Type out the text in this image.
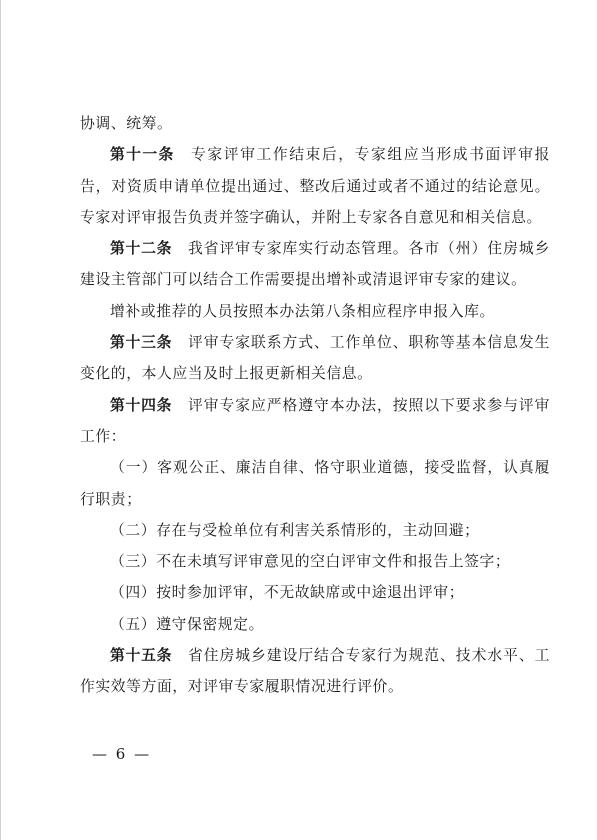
协调、统筹。

第十一条　 专家评审工作结束后，专家组应当形成书面评审报告，对资质申请单位提出通过、整改后通过或者不通过的结论意见。专家对评审报告负责并签字确认，并附上专家各自意见和相关信息。

第十二条　 我省评审专家库实行动态管理。各市（州）住房城乡建设主管部门可以结合工作需要提出增补或清退评审专家的建议。

增补或推荐的人员按照本办法第八条相应程序申报入库。

第十三条　 评审专家联系方式、工作单位、职称等基本信息发生变化的，本人应当及时上报更新相关信息。

第十四条　 评审专家应严格遵守本办法，按照以下要求参与评审工作：

（一）客观公正、廉洁自律、恪守职业道德，接受监督，认真履行职责；

（二）存在与受检单位有利害关系情形的，主动回避；

（三）不在未填写评审意见的空白评审文件和报告上签字；

（四）按时参加评审，不无故缺席或中途退出评审；

（五）遵守保密规定。

第十五条　 省住房城乡建设厅结合专家行为规范、技术水平、工作实效等方面，对评审专家履职情况进行评价。

— 6 —
